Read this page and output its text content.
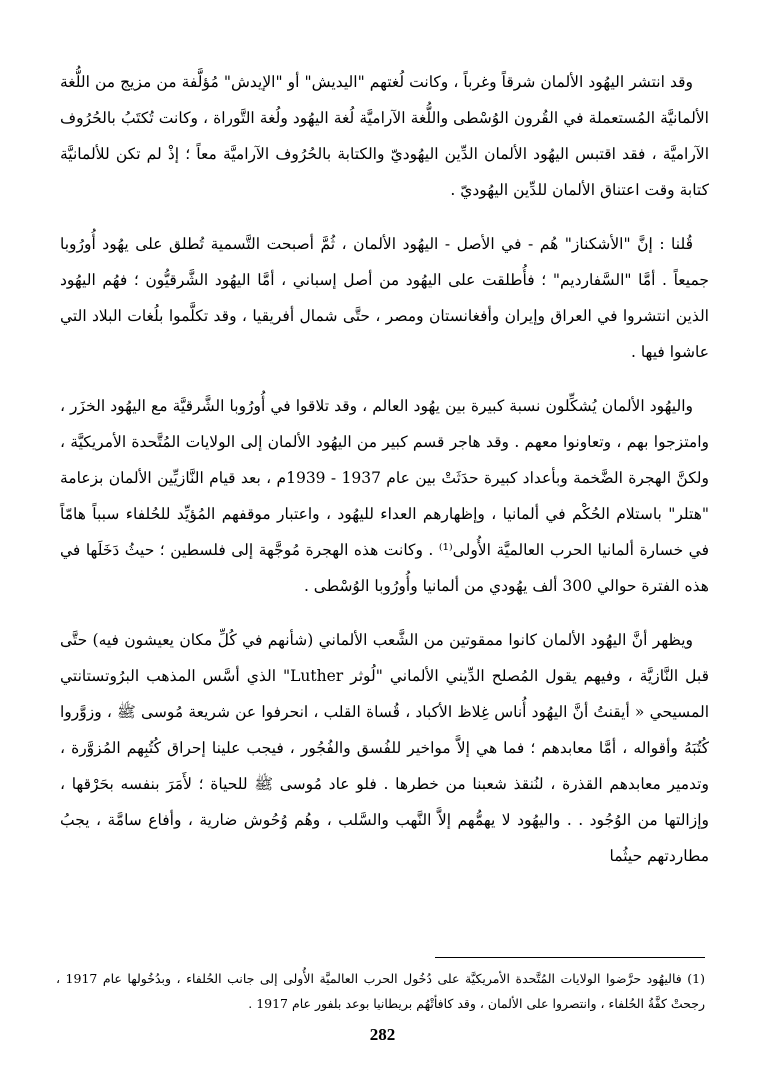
وقد انتشر اليهُود الألمان شرقاً وغرباً ، وكانت لُغتهم "اليديش" أو "الإيدش" مُؤلَّفة من مزيج من اللُّغة الألمانيَّة المُستعملة في القُرون الوُسْطى واللُّغة الآراميَّة لُغة اليهُود ولُغة التَّوراة ، وكانت تُكتَبُ بالحُرُوف الآراميَّة ، فقد اقتبس اليهُود الألمان الدِّين اليهُوديّ والكتابة بالحُرُوف الآراميَّة معاً ؛ إذْ لم تكن للألمانيَّة كتابة وقت اعتناق الألمان للدِّين اليهُوديّ .

قُلنا : إنَّ "الأشكناز" هُم - في الأصل - اليهُود الألمان ، ثُمَّ أصبحت التَّسمية تُطلق على يهُود أُورُوبا جميعاً . أمَّا "السَّفارديم" ؛ فأُطلقت على اليهُود من أصل إسباني ، أمَّا اليهُود الشَّرقيُّون ؛ فهُم اليهُود الذين انتشروا في العراق وإيران وأفغانستان ومصر ، حتَّى شمال أفريقيا ، وقد تكلَّموا بلُغات البلاد التي عاشوا فيها .

واليهُود الألمان يُشكِّلون نسبة كبيرة بين يهُود العالم ، وقد تلاقوا في أُورُوبا الشَّرقيَّة مع اليهُود الخزَر ، وامتزجوا بهم ، وتعاونوا معهم . وقد هاجر قسم كبير من اليهُود الألمان إلى الولايات المُتَّحدة الأمريكيَّة ، ولكنَّ الهجرة الضَّخمة وبأعداد كبيرة حدَثَتْ بين عام 1937 - 1939م ، بعد قيام النَّازيِّين الألمان بزعامة "هتلر" باستلام الحُكْم في ألمانيا ، وإظهارهم العداء لليهُود ، واعتبار موقفهم المُؤيِّد للحُلفاء سبباً هامّاً في خسارة ألمانيا الحرب العالميَّة الأُولى⁽¹⁾ . وكانت هذه الهجرة مُوجَّهة إلى فلسطين ؛ حيثُ دَخَلَها في هذه الفترة حوالي 300 ألف يهُودي من ألمانيا وأُورُوبا الوُسْطى .

ويظهر أنَّ اليهُود الألمان كانوا ممقوتين من الشَّعب الألماني (شأنهم في كُلِّ مكان يعيشون فيه) حتَّى قبل النَّازيَّة ، وفيهم يقول المُصلح الدِّيني الألماني "لُوثر Luther" الذي أسَّس المذهب البرُوتستانتي المسيحي « أيقنتُ أنَّ اليهُود أُناس غِلاظ الأكباد ، قُساة القلب ، انحرفوا عن شريعة مُوسى ﷺ ، وزوَّروا كُتُبَهُ وأقواله ، أمَّا معابدهم ؛ فما هي إلاَّ مواخير للفُسق والفُجُور ، فيجب علينا إحراق كُتُبِهم المُزوَّرة ، وتدمير معابدهم القذرة ، لنُنقذ شعبنا من خطرها . فلو عاد مُوسى ﷺ للحياة ؛ لأَمَرَ بنفسه بحَرْقها ، وإزالتها من الوُجُود . . واليهُود لا يهمُّهم إلاَّ النَّهب والسَّلب ، وهُم وُحُوش ضارية ، وأفاع سامَّة ، يجبُ مطاردتهم حيثُما

(1) فاليهُود حرَّضوا الولايات المُتَّحدة الأمريكيَّة على دُخُول الحرب العالميَّة الأُولى إلى جانب الحُلفاء ، وبدُخُولها عام 1917 ، رجحتْ كفَّةُ الحُلفاء ، وانتصروا على الألمان ، وقد كافأتْهُم بريطانيا بوعد بلفور عام 1917 .
282
